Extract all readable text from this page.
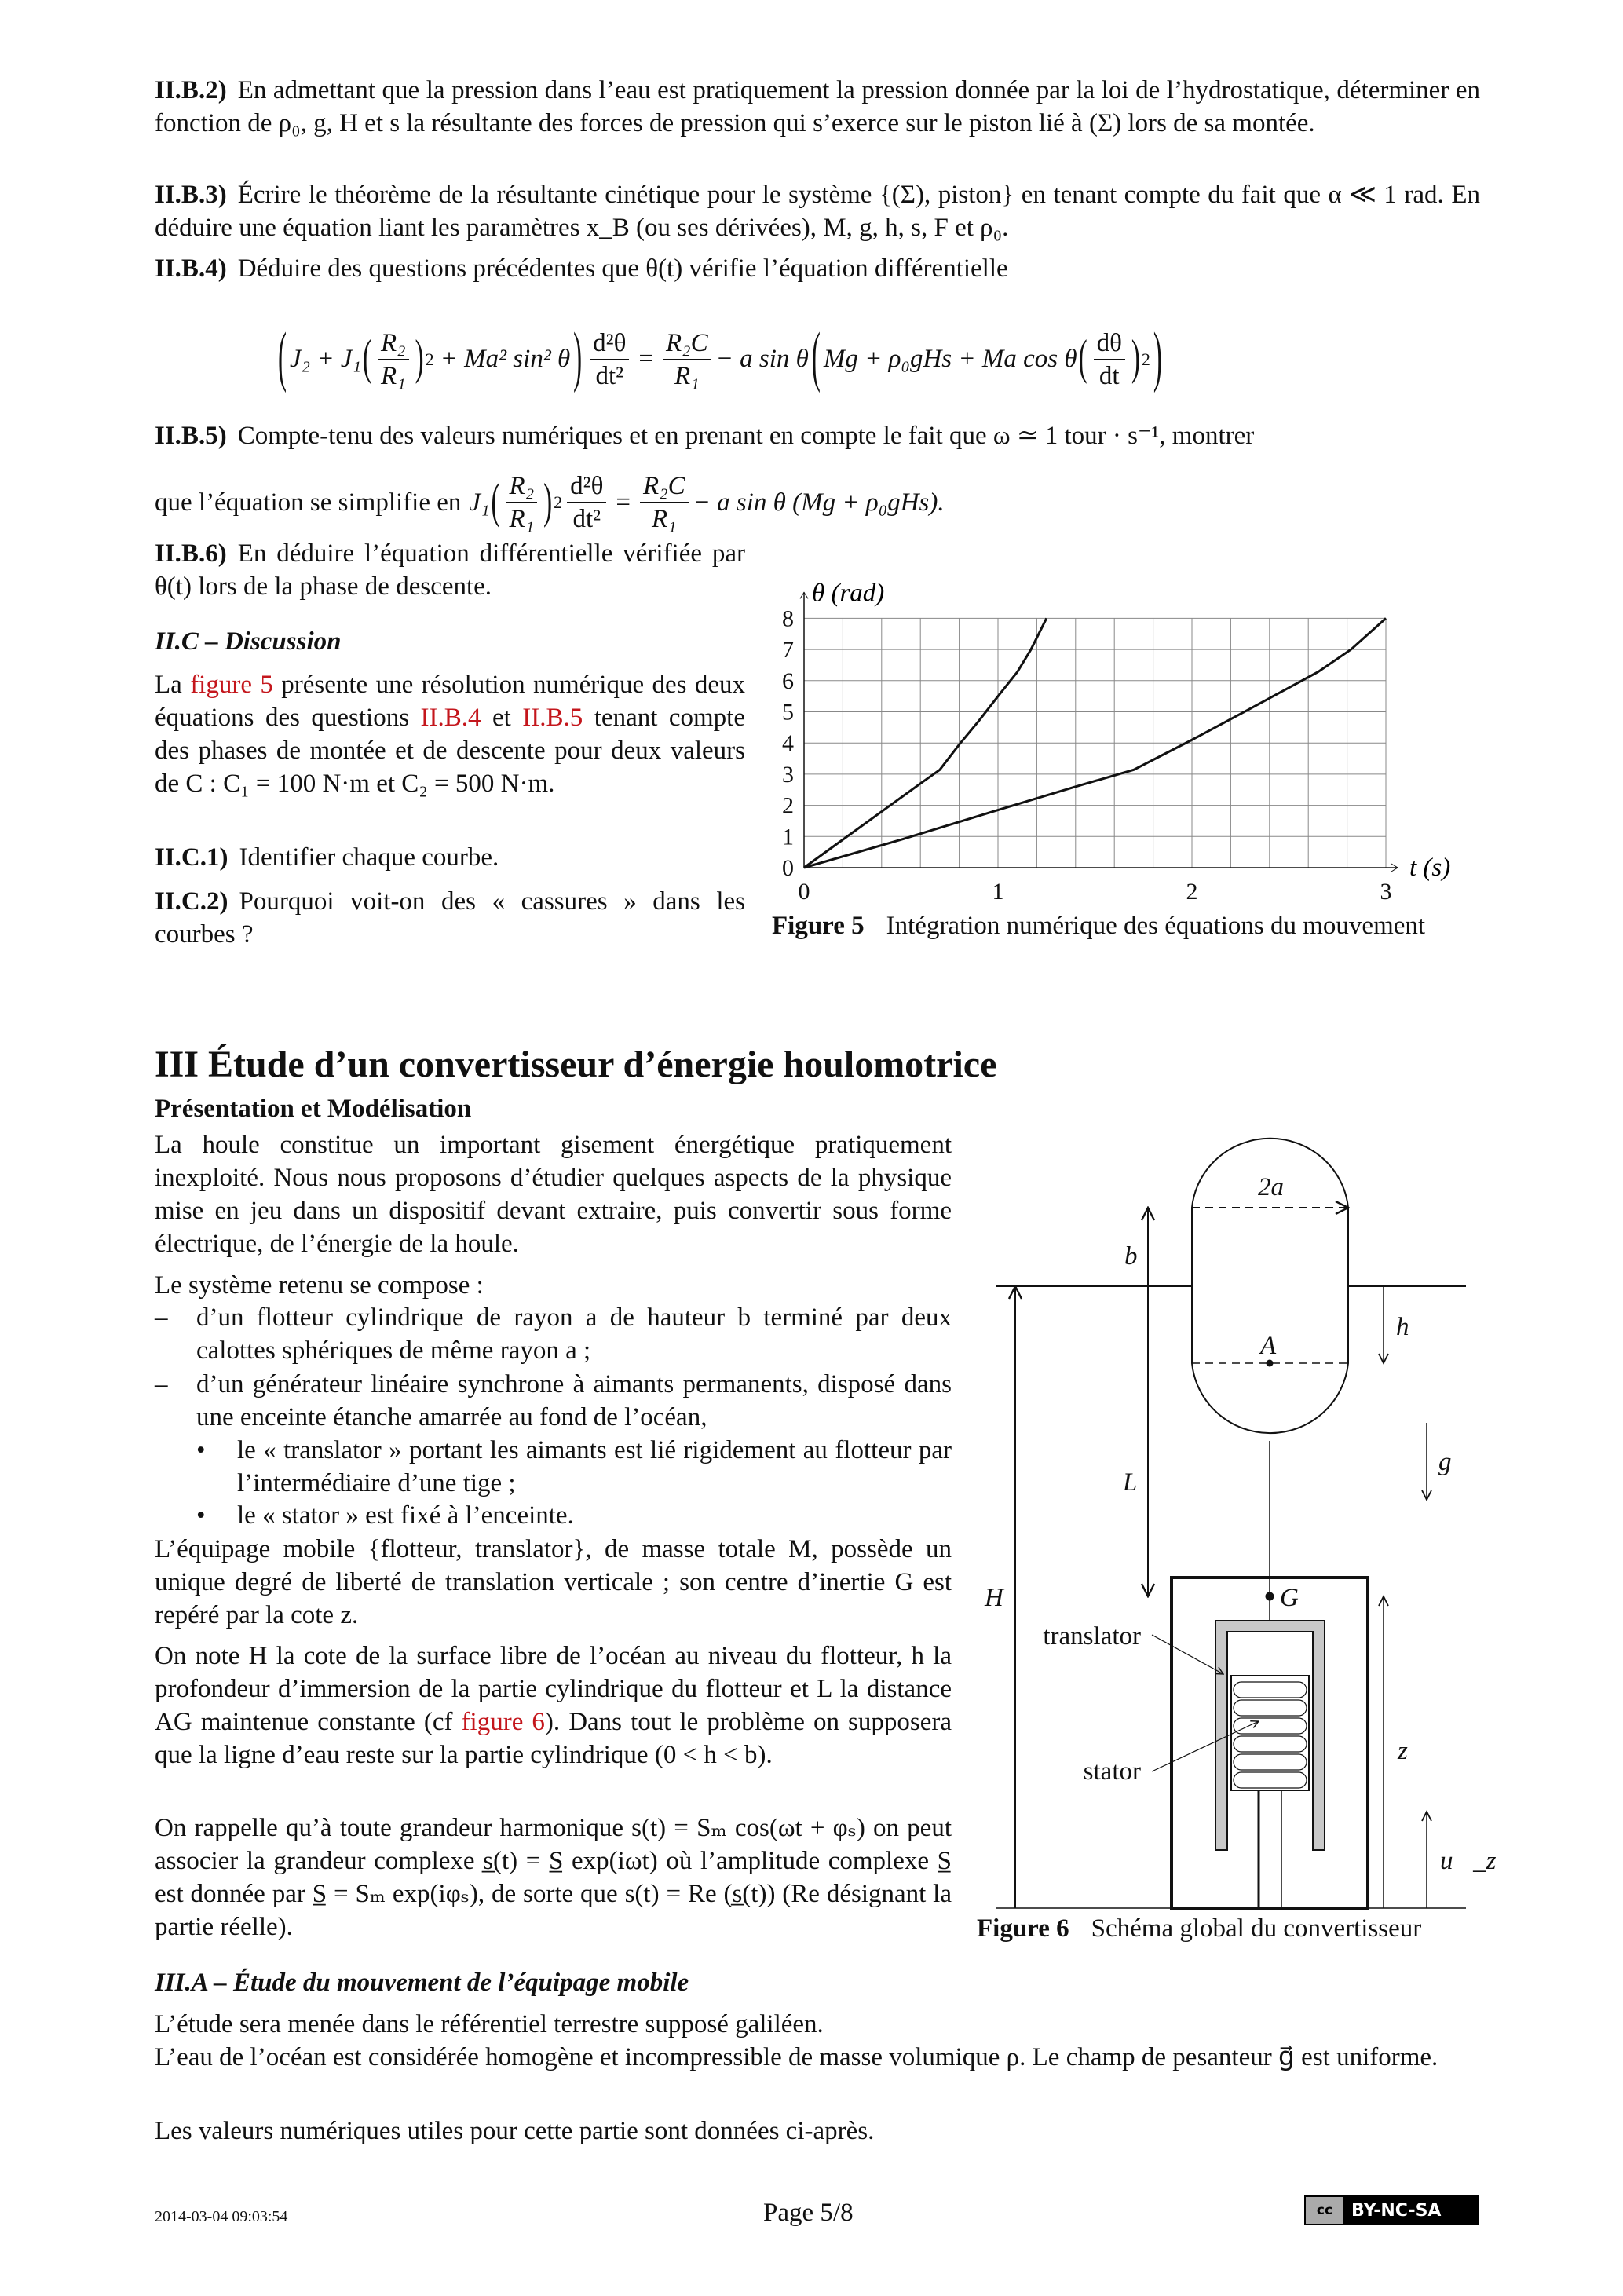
II.B.2) En admettant que la pression dans l’eau est pratiquement la pression donnée par la loi de l’hydrostatique, déterminer en fonction de ρ₀, g, H et s la résultante des forces de pression qui s’exerce sur le piston lié à (Σ) lors de sa montée.
II.B.3) Écrire le théorème de la résultante cinétique pour le système {(Σ), piston} en tenant compte du fait que α ≪ 1 rad. En déduire une équation liant les paramètres x_B (ou ses dérivées), M, g, h, s, F et ρ₀.
II.B.4) Déduire des questions précédentes que θ(t) vérifie l’équation différentielle
( J₂ + J₁ ( $\frac{\text{R₂}}{\text{R₁}}$ ) 2 + Ma² sin² θ ) $\frac{\text{d²θ}}{\text{dt²}} = \frac{\text{R₂C}}{\text{R₁}} - a$ sin θ ( Mg + ρ₀gHs + Ma cos θ ( $\frac{d\theta}{dt}$ ) 2 )
II.B.5) Compte-tenu des valeurs numériques et en prenant en compte le fait que ω ≃ 1 tour · s⁻¹, montrer
que l’équation se simplifie en J₁ ( $\frac{\text{R₂}}{\text{R₁}}$ ) $2 \frac{\text{d²θ}}{\text{dt²}} = \frac{\text{R₂C}}{\text{R₁}} - a$ sin θ (Mg + ρ₀gHs).
II.B.6) En déduire l’équation différentielle vérifiée par θ(t) lors de la phase de descente.
II.C – Discussion
La figure 5 présente une résolution numérique des deux équations des questions II.B.4 et II.B.5 tenant compte des phases de montée et de descente pour deux valeurs de C : C₁ = 100 N·m et C₂ = 500 N·m.
II.C.1) Identifier chaque courbe.
II.C.2) Pourquoi voit-on des « cassures » dans les courbes ?
0	1	2	3
0
1
2
3
4
5
6
7
8
θ (rad)
t (s)
Figure 5 Intégration numérique des équations du mouvement
III Étude d’un convertisseur d’énergie houlomotrice
Présentation et Modélisation
La houle constitue un important gisement énergétique pratiquement inexploité. Nous nous proposons d’étudier quelques aspects de la physique mise en jeu dans un dispositif devant extraire, puis convertir sous forme électrique, de l’énergie de la houle.
Le système retenu se compose :
– d’un flotteur cylindrique de rayon a de hauteur b terminé par deux calottes sphériques de même rayon a ;
– d’un générateur linéaire synchrone à aimants permanents, disposé dans une enceinte étanche amarrée au fond de l’océan,
• le « translator » portant les aimants est lié rigidement au flotteur par l’intermédiaire d’une tige ;
• le « stator » est fixé à l’enceinte.
L’équipage mobile {flotteur, translator}, de masse totale M, possède un unique degré de liberté de translation verticale ; son centre d’inertie G est repéré par la cote z.
On note H la cote de la surface libre de l’océan au niveau du flotteur, h la profondeur d’immersion de la partie cylindrique du flotteur et L la distance AG maintenue constante (cf figure 6). Dans tout le problème on supposera que la ligne d’eau reste sur la partie cylindrique (0 < h < b).
On rappelle qu’à toute grandeur harmonique s(t) = Sₘ cos(ωt + φₛ) on peut associer la grandeur complexe s̲(t) = S̲ exp(iωt) où l’amplitude complexe S̲ est donnée par S̲ = Sₘ exp(iφₛ), de sorte que s(t) = Re (s̲(t)) (Re désignant la partie réelle).
2a
b
h
A
L
g⃗
H	G
translator
stator
z
u⃗_z
Figure 6 Schéma global du convertisseur
III.A – Étude du mouvement de l’équipage mobile
L’étude sera menée dans le référentiel terrestre supposé galiléen.
L’eau de l’océan est considérée homogène et incompressible de masse volumique ρ. Le champ de pesanteur g⃗ est uniforme.
Les valeurs numériques utiles pour cette partie sont données ci-après.
2014-03-04 09:03:54	Page 5/8	cc	BY-NC-SA
